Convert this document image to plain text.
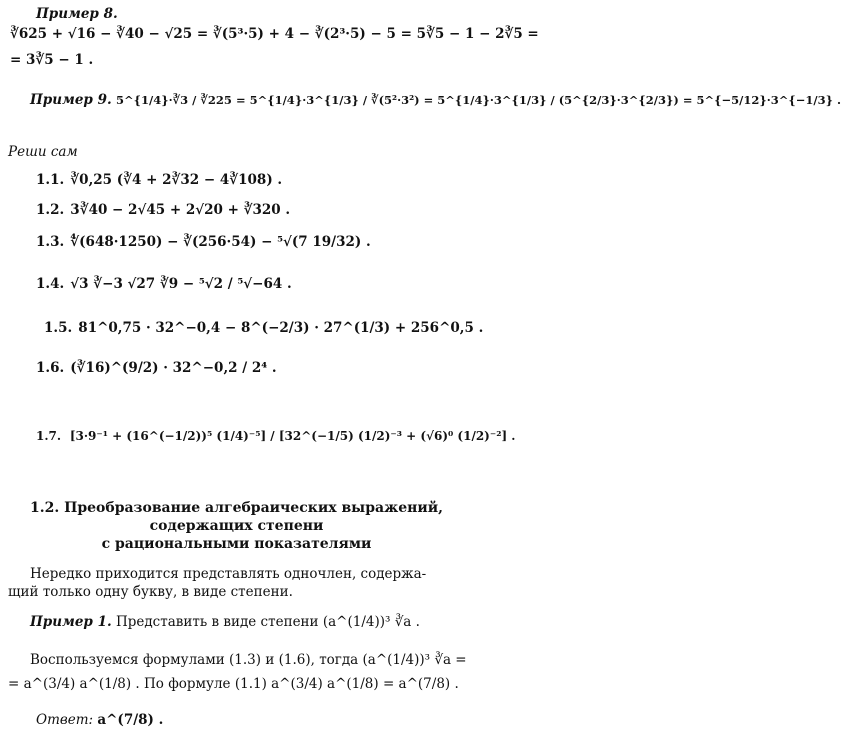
Пример 8.
∛625 + √16 − ∛40 − √25 = ∛(5³·5) + 4 − ∛(2³·5) − 5 = 5∛5 − 1 − 2∛5 =
= 3∛5 − 1 .
Пример 9. 5^{1/4}·∛3 / ∛225 = 5^{1/4}·3^{1/3} / ∛(5²·3²) = 5^{1/4}·3^{1/3} / (5^{2/3}·3^{2/3}) = 5^{−5/12}·3^{−1/3} .
Реши сам
1.1. ∛0,25 (∛4 + 2∛32 − 4∛108) .
1.2. 3∛40 − 2√45 + 2√20 + ∛320 .
1.3. ∜(648·1250) − ∛(256·54) − ⁵√(7 19/32) .
1.4. √3 ∛−3 √27 ∛9 − ⁵√2 / ⁵√−64 .
1.5. 81^0,75 · 32^−0,4 − 8^(−2/3) · 27^(1/3) + 256^0,5 .
1.6. (∛16)^(9/2) · 32^−0,2 / 2⁴ .
1.7. [3·9⁻¹ + (16^(−1/2))⁵ (1/4)⁻⁵] / [32^(−1/5) (1/2)⁻³ + (√6)⁰ (1/2)⁻²] .
1.2. Преобразование алгебраических выражений,
содержащих степени
с рациональными показателями
Нередко приходится представлять одночлен, содержа-
щий только одну букву, в виде степени.
Пример 1. Представить в виде степени (a^(1/4))³ ∛a .
Воспользуемся формулами (1.3) и (1.6), тогда (a^(1/4))³ ∛a =
= a^(3/4) a^(1/8) . По формуле (1.1) a^(3/4) a^(1/8) = a^(7/8) .
Ответ: a^(7/8) .
